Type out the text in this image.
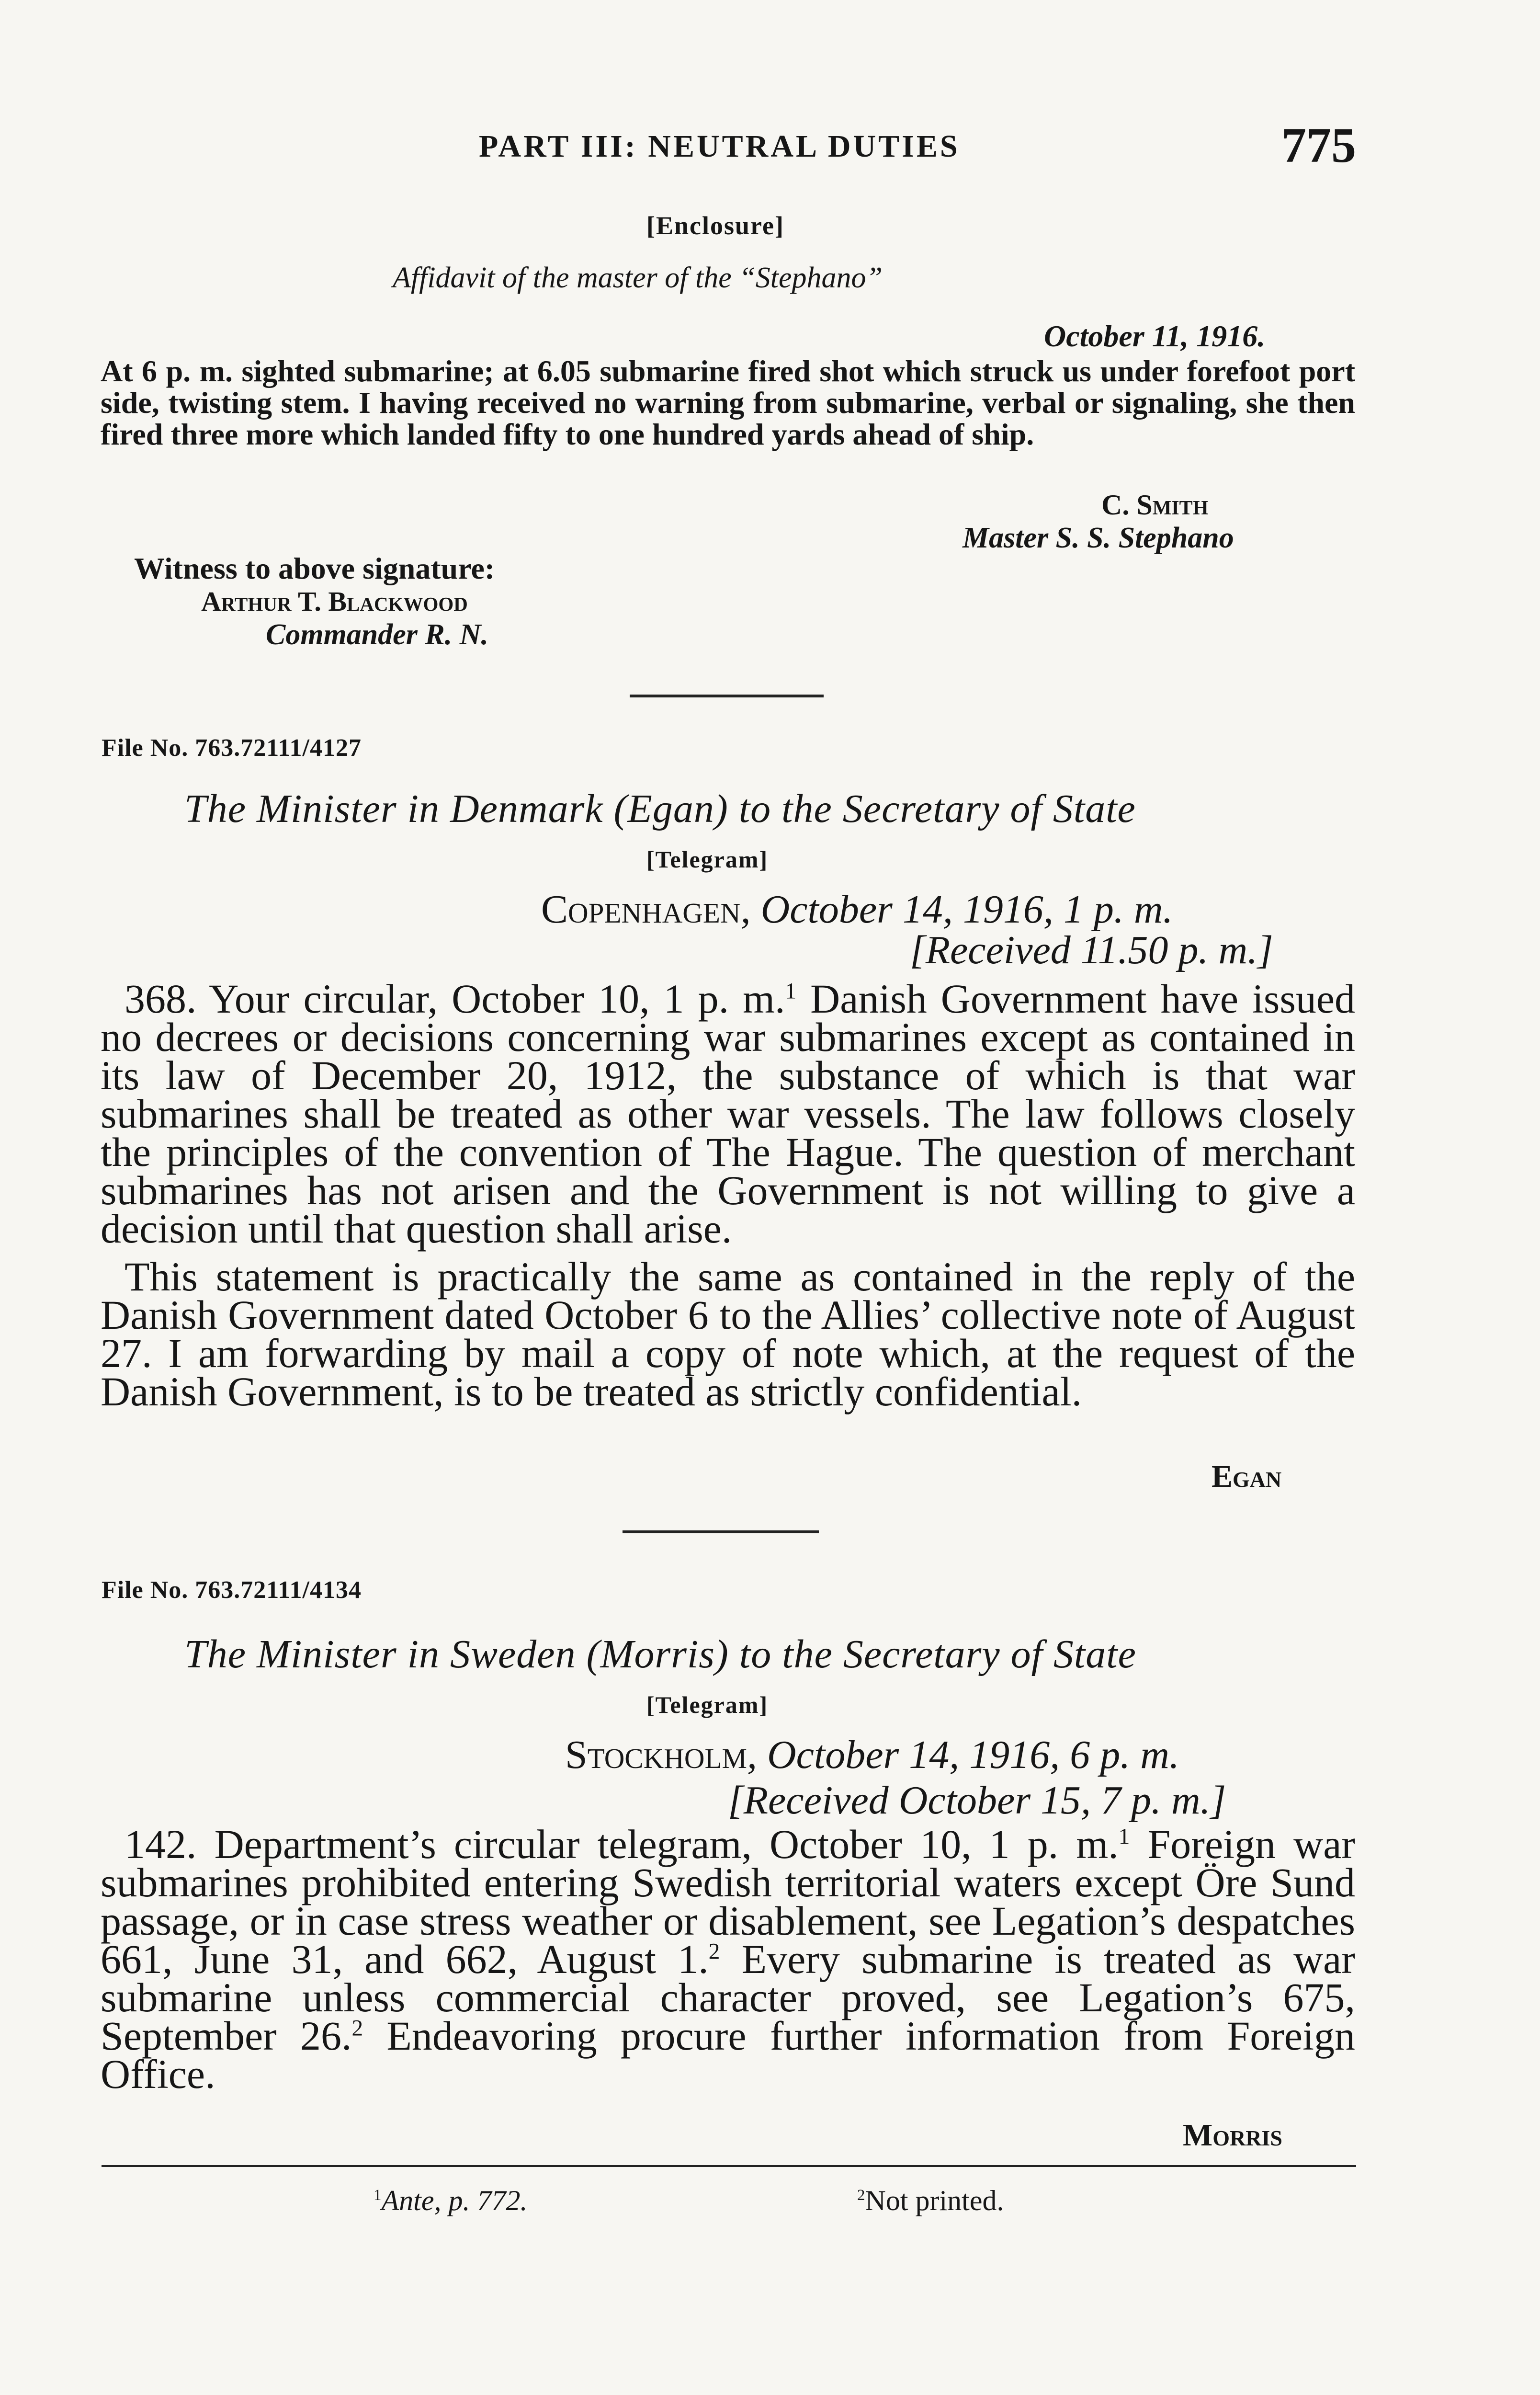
PART III: NEUTRAL DUTIES	775
[Enclosure]
Affidavit of the master of the “Stephano”
October 11, 1916.
At 6 p. m. sighted submarine; at 6.05 submarine fired shot which struck us under forefoot port side, twisting stem. I having received no warning from submarine, verbal or signaling, she then fired three more which landed fifty to one hundred yards ahead of ship.
C. Smith
Master S. S. Stephano
Witness to above signature:
Arthur T. Blackwood
Commander R. N.
File No. 763.72111/4127
The Minister in Denmark (Egan) to the Secretary of State
[Telegram]
Copenhagen, October 14, 1916, 1 p. m.
[Received 11.50 p. m.]
368. Your circular, October 10, 1 p. m.$^1$ Danish Government have issued no decrees or decisions concerning war submarines except as contained in its law of December 20, 1912, the substance of which is that war submarines shall be treated as other war vessels. The law follows closely the principles of the convention of The Hague. The question of merchant submarines has not arisen and the Government is not willing to give a decision until that question shall arise.
This statement is practically the same as contained in the reply of the Danish Government dated October 6 to the Allies’ collective note of August 27. I am forwarding by mail a copy of note which, at the request of the Danish Government, is to be treated as strictly confidential.
Egan
File No. 763.72111/4134
The Minister in Sweden (Morris) to the Secretary of State
[Telegram]
Stockholm, October 14, 1916, 6 p. m.
[Received October 15, 7 p. m.]
142. Department’s circular telegram, October 10, 1 p. m.$^1$ Foreign war submarines prohibited entering Swedish territorial waters except Öre Sund passage, or in case stress weather or disablement, see Legation’s despatches 661, June 31, and 662, August 1.$^2$ Every submarine is treated as war submarine unless commercial character proved, see Legation’s 675, September 26.$^2$ Endeavoring procure further information from Foreign Office.
Morris
$^1$Ante, p. 772.	$^2$Not printed.
